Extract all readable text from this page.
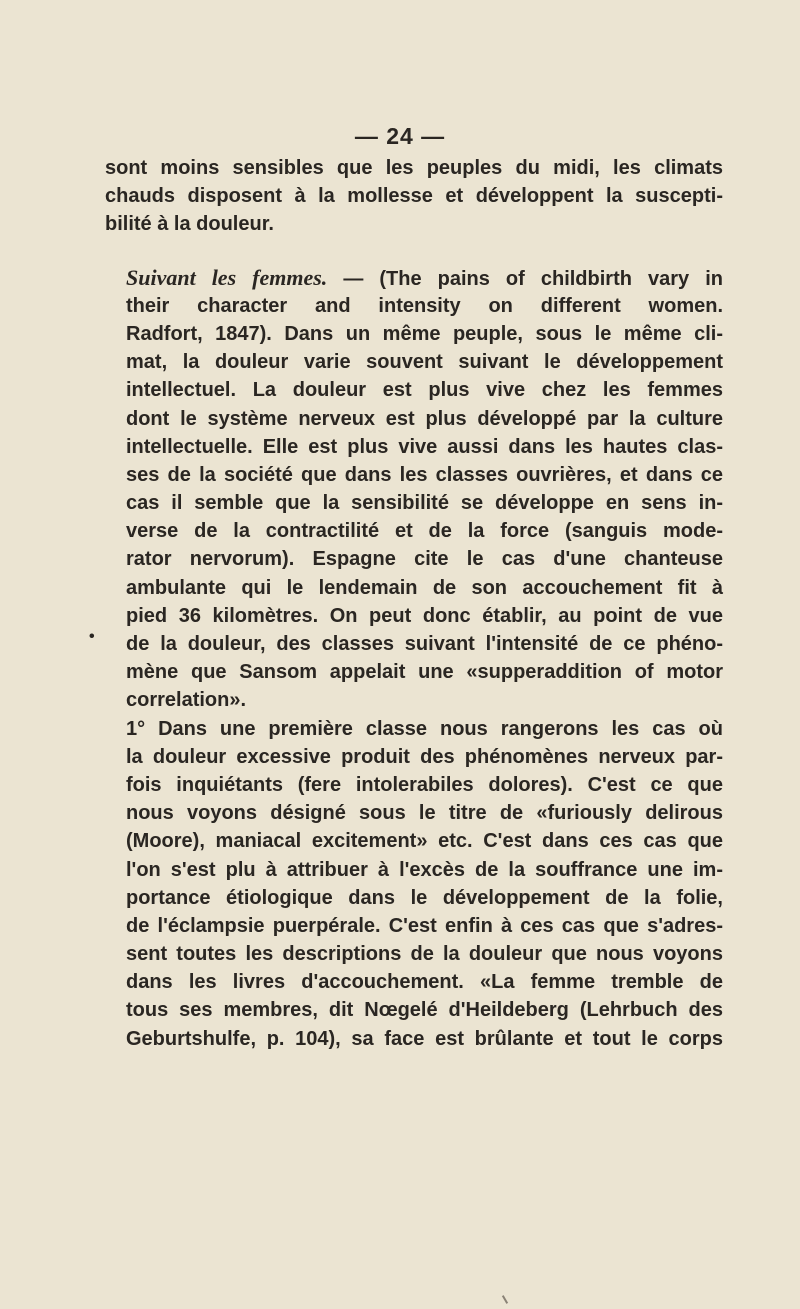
— 24 —
•
sont moins sensibles que les peuples du midi, les climats
chauds disposent à la mollesse et développent la suscepti-
bilité à la douleur.
Suivant les femmes. — (The pains of childbirth vary in
their character and intensity on different women.
Radfort, 1847). Dans un même peuple, sous le même cli-
mat, la douleur varie souvent suivant le développement
intellectuel. La douleur est plus vive chez les femmes
dont le système nerveux est plus développé par la culture
intellectuelle. Elle est plus vive aussi dans les hautes clas-
ses de la société que dans les classes ouvrières, et dans ce
cas il semble que la sensibilité se développe en sens in-
verse de la contractilité et de la force (sanguis mode-
rator nervorum). Espagne cite le cas d'une chanteuse
ambulante qui le lendemain de son accouchement fit à
pied 36 kilomètres. On peut donc établir, au point de vue
de la douleur, des classes suivant l'intensité de ce phéno-
mène que Sansom appelait une «supperaddition of motor
correlation».
1° Dans une première classe nous rangerons les cas où
la douleur excessive produit des phénomènes nerveux par-
fois inquiétants (fere intolerabiles dolores). C'est ce que
nous voyons désigné sous le titre de «furiously delirous
(Moore), maniacal excitement» etc. C'est dans ces cas que
l'on s'est plu à attribuer à l'excès de la souffrance une im-
portance étiologique dans le développement de la folie,
de l'éclampsie puerpérale. C'est enfin à ces cas que s'adres-
sent toutes les descriptions de la douleur que nous voyons
dans les livres d'accouchement. «La femme tremble de
tous ses membres, dit Nœgelé d'Heildeberg (Lehrbuch des
Geburtshulfe, p. 104), sa face est brûlante et tout le corps
